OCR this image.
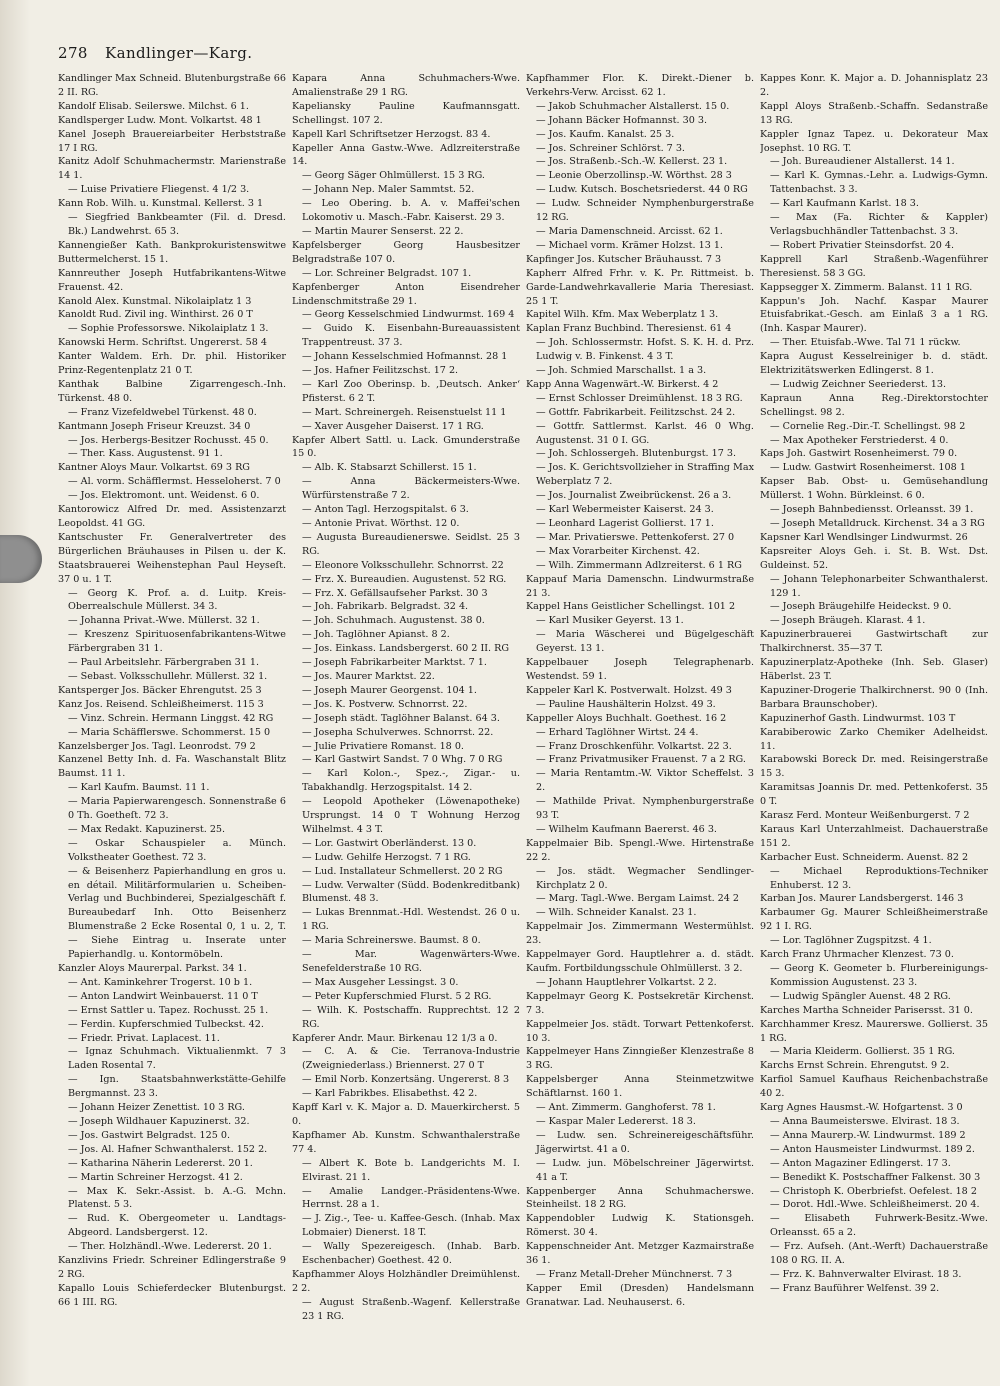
278 Kandlinger—Karg.

Kandlinger Max Schneid. Blutenburgstraße 66 2 II. RG.

Kandolf Elisab. Seilerswe. Milchst. 6 1.

Kandlsperger Ludw. Mont. Volkartst. 48 1

Kanel Joseph Brauereiarbeiter Herbststraße 17 I RG.

Kanitz Adolf Schuhmachermstr. Marienstraße 14 1.

— Luise Privatiere Fliegenst. 4 1/2 3.

Kann Rob. Wilh. u. Kunstmal. Kellerst. 3 1

— Siegfried Bankbeamter (Fil. d. Dresd. Bk.) Landwehrst. 65 3.

Kannengießer Kath. Bankprokuristenswitwe Buttermelcherst. 15 1.

Kannreuther Joseph Hutfabrikantens-Witwe Frauenst. 42.

Kanold Alex. Kunstmal. Nikolaiplatz 1 3

Kanoldt Rud. Zivil ing. Winthirst. 26 0 T

— Sophie Professorswe. Nikolaiplatz 1 3.

Kanowski Herm. Schriftst. Ungererst. 58 4

Kanter Waldem. Erh. Dr. phil. Historiker Prinz-Regentenplatz 21 0 T.

Kanthak Balbine Zigarrengesch.-Inh. Türkenst. 48 0.

— Franz Vizefeldwebel Türkenst. 48 0.

Kantmann Joseph Friseur Kreuzst. 34 0

— Jos. Herbergs-Besitzer Rochusst. 45 0.

— Ther. Kass. Augustenst. 91 1.

Kantner Aloys Maur. Volkartst. 69 3 RG

— Al. vorm. Schäfflermst. Hesseloherst. 7 0

— Jos. Elektromont. unt. Weidenst. 6 0.

Kantorowicz Alfred Dr. med. Assistenzarzt Leopoldst. 41 GG.

Kantschuster Fr. Generalvertreter des Bürgerlichen Bräuhauses in Pilsen u. der K. Staatsbrauerei Weihenstephan Paul Heyseſt. 37 0 u. 1 T.

— Georg K. Prof. a. d. Luitp. Kreis-Oberrealschule Müllerst. 34 3.

— Johanna Privat.-Wwe. Müllerst. 32 1.

— Kreszenz Spirituosenfabrikantens-Witwe Färbergraben 31 1.

— Paul Arbeitslehr. Färbergraben 31 1.

— Sebast. Volksschullehr. Müllerst. 32 1.

Kantsperger Jos. Bäcker Ehrengutst. 25 3

Kanz Jos. Reisend. Schleißheimerst. 115 3

— Vinz. Schrein. Hermann Linggst. 42 RG

— Maria Schäfflerswe. Schommerst. 15 0

Kanzelsberger Jos. Tagl. Leonrodst. 79 2

Kanzenel Betty Inh. d. Fa. Waschanstalt Blitz Baumst. 11 1.

— Karl Kaufm. Baumst. 11 1.

— Maria Papierwarengesch. Sonnenstraße 6 0 Th. Goetheſt. 72 3.

— Max Redakt. Kapuzinerst. 25.

— Oskar Schauspieler a. Münch. Volkstheater Goethest. 72 3.

— & Beisenherz Papierhandlung en gros u. en détail. Militärformularien u. Scheiben-Verlag und Buchbinderei, Spezialgeschäft f. Bureaubedarf Inh. Otto Beisenherz Blumenstraße 2 Ecke Rosental 0, 1 u. 2, T. — Siehe Eintrag u. Inserate unter Papierhandlg. u. Kontormöbeln.

Kanzler Aloys Maurerpal. Parkst. 34 1.

— Ant. Kaminkehrer Trogerst. 10 b 1.

— Anton Landwirt Weinbauerst. 11 0 T

— Ernst Sattler u. Tapez. Rochusst. 25 1.

— Ferdin. Kupferschmied Tulbeckst. 42.

— Friedr. Privat. Laplacest. 11.

— Ignaz Schuhmach. Viktualienmkt. 7 3 Laden Rosental 7.

— Ign. Staatsbahnwerkstätte-Gehilfe Bergmannst. 23 3.

— Johann Heizer Zenettist. 10 3 RG.

— Joseph Wildhauer Kapuzinerst. 32.

— Jos. Gastwirt Belgradst. 125 0.

— Jos. Al. Hafner Schwanthalerst. 152 2.

— Katharina Näherin Ledererst. 20 1.

— Martin Schreiner Herzogst. 41 2.

— Max K. Sekr.-Assist. b. A.-G. Mchn. Platenst. 5 3.

— Rud. K. Obergeometer u. Landtags-Abgeord. Landsbergerst. 12.

— Ther. Holzhändl.-Wwe. Ledererst. 20 1.

Kanzlivins Friedr. Schreiner Edlingerstraße 9 2 RG.

Kapallo Louis Schieferdecker Blutenburgst. 66 1 III. RG.

Kapara Anna Schuhmachers-Wwe. Amalienstraße 29 1 RG.

Kapeliansky Pauline Kaufmannsgatt. Schellingst. 107 2.

Kapell Karl Schriftsetzer Herzogst. 83 4.

Kapeller Anna Gastw.-Wwe. Adlzreiterstraße 14.

— Georg Säger Ohlmüllerst. 15 3 RG.

— Johann Nep. Maler Sammtst. 52.

— Leo Obering. b. A. v. Maffei'schen Lokomotiv u. Masch.-Fabr. Kaiserst. 29 3.

— Martin Maurer Senserst. 22 2.

Kapfelsberger Georg Hausbesitzer Belgradstraße 107 0.

— Lor. Schreiner Belgradst. 107 1.

Kapfenberger Anton Eisendreher Lindenschmitstraße 29 1.

— Georg Kesselschmied Lindwurmst. 169 4

— Guido K. Eisenbahn-Bureauassistent Trappentreust. 37 3.

— Johann Kesselschmied Hofmannst. 28 1

— Jos. Hafner Feilitzschst. 17 2.

— Karl Zoo Oberinsp. b. ‚Deutsch. Anker‘ Pfisterst. 6 2 T.

— Mart. Schreinergeh. Reisenstuelst 11 1

— Xaver Ausgeher Daiserst. 17 1 RG.

Kapfer Albert Sattl. u. Lack. Gmunderstraße 15 0.

— Alb. K. Stabsarzt Schillerst. 15 1.

— Anna Bäckermeisters-Wwe. Würfürstenstraße 7 2.

— Anton Tagl. Herzogspitalst. 6 3.

— Antonie Privat. Wörthst. 12 0.

— Augusta Bureaudienerswe. Seidlst. 25 3 RG.

— Eleonore Volksschullehr. Schnorrst. 22

— Frz. X. Bureaudien. Augustenst. 52 RG.

— Frz. X. Gefällsaufseher Parkst. 30 3

— Joh. Fabrikarb. Belgradst. 32 4.

— Joh. Schuhmach. Augustenst. 38 0.

— Joh. Taglöhner Apianst. 8 2.

— Jos. Einkass. Landsbergerst. 60 2 II. RG

— Joseph Fabrikarbeiter Marktst. 7 1.

— Jos. Maurer Marktst. 22.

— Joseph Maurer Georgenst. 104 1.

— Jos. K. Postverw. Schnorrst. 22.

— Joseph städt. Taglöhner Balanst. 64 3.

— Josepha Schulverwes. Schnorrst. 22.

— Julie Privatiere Romanst. 18 0.

— Karl Gastwirt Sandst. 7 0 Whg. 7 0 RG

— Karl Kolon.-, Spez.-, Zigar.- u. Tabakhandlg. Herzogspitalst. 14 2.

— Leopold Apotheker (Löwenapotheke) Ursprungst. 14 0 T Wohnung Herzog Wilhelmst. 4 3 T.

— Lor. Gastwirt Oberländerst. 13 0.

— Ludw. Gehilfe Herzogst. 7 1 RG.

— Lud. Installateur Schmellerst. 20 2 RG

— Ludw. Verwalter (Südd. Bodenkreditbank) Blumenst. 48 3.

— Lukas Brennmat.-Hdl. Westendst. 26 0 u. 1 RG.

— Maria Schreinerswe. Baumst. 8 0.

— Mar. Wagenwärters-Wwe. Senefelderstraße 10 RG.

— Max Ausgeher Lessingst. 3 0.

— Peter Kupferschmied Flurst. 5 2 RG.

— Wilh. K. Postschaffn. Rupprechtst. 12 2 RG.

Kapferer Andr. Maur. Birkenau 12 1/3 a 0.

— C. A. & Cie. Terranova-Industrie (Zweigniederlass.) Briennerst. 27 0 T

— Emil Norb. Konzertsäng. Ungererst. 8 3

— Karl Fabrikbes. Elisabethst. 42 2.

Kapff Karl v. K. Major a. D. Mauerkircherst. 5 0.

Kapfhamer Ab. Kunstm. Schwanthalerstraße 77 4.

— Albert K. Bote b. Landgerichts M. I. Elvirast. 21 1.

— Amalie Landger.-Präsidentens-Wwe. Herrnst. 28 a 1.

— J. Zig.-, Tee- u. Kaffee-Gesch. (Inhab. Max Lobmaier) Dienerst. 18 T.

— Wally Spezereigesch. (Inhab. Barb. Eschenbacher) Goethest. 42 0.

Kapfhammer Aloys Holzhändler Dreimühlenst. 2 2.

— August Straßenb.-Wagenf. Kellerstraße 23 1 RG.

Kapfhammer Flor. K. Direkt.-Diener b. Verkehrs-Verw. Arcisst. 62 1.

— Jakob Schuhmacher Alstallerst. 15 0.

— Johann Bäcker Hofmannst. 30 3.

— Jos. Kaufm. Kanalst. 25 3.

— Jos. Schreiner Schlörst. 7 3.

— Jos. Straßenb.-Sch.-W. Kellerst. 23 1.

— Leonie Oberzollinsp.-W. Wörthst. 28 3

— Ludw. Kutsch. Boschetsriederst. 44 0 RG

— Ludw. Schneider Nymphenburgerstraße 12 RG.

— Maria Damenschneid. Arcisst. 62 1.

— Michael vorm. Krämer Holzst. 13 1.

Kapfinger Jos. Kutscher Bräuhausst. 7 3

Kapherr Alfred Frhr. v. K. Pr. Rittmeist. b. Garde-Landwehrkavallerie Maria Theresiast. 25 1 T.

Kapitel Wilh. Kfm. Max Weberplatz 1 3.

Kaplan Franz Buchbind. Theresienst. 61 4

— Joh. Schlossermstr. Hofst. S. K. H. d. Prz. Ludwig v. B. Finkenst. 4 3 T.

— Joh. Schmied Marschallst. 1 a 3.

Kapp Anna Wagenwärt.-W. Birkerst. 4 2

— Ernst Schlosser Dreimühlenst. 18 3 RG.

— Gottfr. Fabrikarbeit. Feilitzschst. 24 2.

— Gottfr. Sattlermst. Karlst. 46 0 Whg. Augustenst. 31 0 I. GG.

— Joh. Schlossergeh. Blutenburgst. 17 3.

— Jos. K. Gerichtsvollzieher in Straffing Max Weberplatz 7 2.

— Jos. Journalist Zweibrückenst. 26 a 3.

— Karl Webermeister Kaiserst. 24 3.

— Leonhard Lagerist Gollierst. 17 1.

— Mar. Privatierswe. Pettenkoferst. 27 0

— Max Vorarbeiter Kirchenst. 42.

— Wilh. Zimmermann Adlzreiterst. 6 1 RG

Kappauf Maria Damenschn. Lindwurmstraße 21 3.

Kappel Hans Geistlicher Schellingst. 101 2

— Karl Musiker Geyerst. 13 1.

— Maria Wäscherei und Bügelgeschäft Geyerst. 13 1.

Kappelbauer Joseph Telegraphenarb. Westendst. 59 1.

Kappeler Karl K. Postverwalt. Holzst. 49 3

— Pauline Haushälterin Holzst. 49 3.

Kappeller Aloys Buchhalt. Goethest. 16 2

— Erhard Taglöhner Wirtst. 24 4.

— Franz Droschkenführ. Volkartst. 22 3.

— Franz Privatmusiker Frauenst. 7 a 2 RG.

— Maria Rentamtm.-W. Viktor Scheffelst. 3 2.

— Mathilde Privat. Nymphenburgerstraße 93 T.

— Wilhelm Kaufmann Baererst. 46 3.

Kappelmaier Bib. Spengl.-Wwe. Hirtenstraße 22 2.

— Jos. städt. Wegmacher Sendlinger-Kirchplatz 2 0.

— Marg. Tagl.-Wwe. Bergam Laimst. 24 2

— Wilh. Schneider Kanalst. 23 1.

Kappelmair Jos. Zimmermann Westermühlst. 23.

Kappelmayer Gord. Hauptlehrer a. d. städt. Kaufm. Fortbildungsschule Ohlmüllerst. 3 2.

— Johann Hauptlehrer Volkartst. 2 2.

Kappelmayr Georg K. Postsekretär Kirchenst. 7 3.

Kappelmeier Jos. städt. Torwart Pettenkoferst. 10 3.

Kappelmeyer Hans Zinngießer Klenzestraße 8 3 RG.

Kappelsberger Anna Steinmetzwitwe Schäftlarnst. 160 1.

— Ant. Zimmerm. Ganghoferst. 78 1.

— Kaspar Maler Ledererst. 18 3.

— Ludw. sen. Schreinereigeschäftsführ. Jägerwirtst. 41 a 0.

— Ludw. jun. Möbelschreiner Jägerwirtst. 41 a T.

Kappenberger Anna Schuhmacherswe. Steinheilst. 18 2 RG.

Kappendobler Ludwig K. Stationsgeh. Römerst. 30 4.

Kappenschneider Ant. Metzger Kazmairstraße 36 1.

— Franz Metall-Dreher Münchnerst. 7 3

Kapper Emil (Dresden) Handelsmann Granatwar. Lad. Neuhauserst. 6.

Kappes Konr. K. Major a. D. Johannisplatz 23 2.

Kappl Aloys Straßenb.-Schaffn. Sedanstraße 13 RG.

Kappler Ignaz Tapez. u. Dekorateur Max Josephst. 10 RG. T.

— Joh. Bureaudiener Alstallerst. 14 1.

— Karl K. Gymnas.-Lehr. a. Ludwigs-Gymn. Tattenbachst. 3 3.

— Karl Kaufmann Karlst. 18 3.

— Max (Fa. Richter & Kappler) Verlagsbuchhändler Tattenbachst. 3 3.

— Robert Privatier Steinsdorfst. 20 4.

Kapprell Karl Straßenb.-Wagenführer Theresienst. 58 3 GG.

Kappsegger X. Zimmerm. Balanst. 11 1 RG.

Kappun's Joh. Nachf. Kaspar Maurer Etuisfabrikat.-Gesch. am Einlaß 3 a 1 RG. (Inh. Kaspar Maurer).

— Ther. Etuisfab.-Wwe. Tal 71 1 rückw.

Kapra August Kesselreiniger b. d. städt. Elektrizitätswerken Edlingerst. 8 1.

— Ludwig Zeichner Seeriederst. 13.

Kapraun Anna Reg.-Direktorstochter Schellingst. 98 2.

— Cornelie Reg.-Dir.-T. Schellingst. 98 2

— Max Apotheker Ferstriederst. 4 0.

Kaps Joh. Gastwirt Rosenheimerst. 79 0.

— Ludw. Gastwirt Rosenheimerst. 108 1

Kapser Bab. Obst- u. Gemüsehandlung Müllerst. 1 Wohn. Bürkleinst. 6 0.

— Joseph Bahnbediensst. Orleansst. 39 1.

— Joseph Metalldruck. Kirchenst. 34 a 3 RG

Kapsner Karl Wendlsinger Lindwurmst. 26

Kapsreiter Aloys Geh. i. St. B. Wst. Dst. Guldeinst. 52.

— Johann Telephonarbeiter Schwanthalerst. 129 1.

— Joseph Bräugehilfe Heideckst. 9 0.

— Joseph Bräugeh. Klarast. 4 1.

Kapuzinerbrauerei Gastwirtschaft zur Thalkirchnerst. 35—37 T.

Kapuzinerplatz-Apotheke (Inh. Seb. Glaser) Häberlst. 23 T.

Kapuziner-Drogerie Thalkirchnerst. 90 0 (Inh. Barbara Braunschober).

Kapuzinerhof Gasth. Lindwurmst. 103 T

Karabiberowic Zarko Chemiker Adelheidst. 11.

Karabowski Boreck Dr. med. Reisingerstraße 15 3.

Karamitsas Joannis Dr. med. Pettenkoferst. 35 0 T.

Karasz Ferd. Monteur Weißenburgerst. 7 2

Karaus Karl Unterzahlmeist. Dachauerstraße 151 2.

Karbacher Eust. Schneiderm. Auenst. 82 2

— Michael Reproduktions-Techniker Enhuberst. 12 3.

Karban Jos. Maurer Landsbergerst. 146 3

Karbaumer Gg. Maurer Schleißheimerstraße 92 1 I. RG.

— Lor. Taglöhner Zugspitzst. 4 1.

Karch Franz Uhrmacher Klenzest. 73 0.

— Georg K. Geometer b. Flurbereinigungs-Kommission Augustenst. 23 3.

— Ludwig Spängler Auenst. 48 2 RG.

Karches Martha Schneider Parisersst. 31 0.

Karchhammer Kresz. Maurerswe. Gollierst. 35 1 RG.

— Maria Kleiderm. Gollierst. 35 1 RG.

Karchs Ernst Schrein. Ehrengutst. 9 2.

Karfiol Samuel Kaufhaus Reichenbachstraße 40 2.

Karg Agnes Hausmst.-W. Hofgartenst. 3 0

— Anna Baumeisterswe. Elvirast. 18 3.

— Anna Maurerp.-W. Lindwurmst. 189 2

— Anton Hausmeister Lindwurmst. 189 2.

— Anton Magaziner Edlingerst. 17 3.

— Benedikt K. Postschaffner Falkenst. 30 3

— Christoph K. Oberbriefst. Oefelest. 18 2

— Dorot. Hdl.-Wwe. Schleißheimerst. 20 4.

— Elisabeth Fuhrwerk-Besitz.-Wwe. Orleansst. 65 a 2.

— Frz. Aufseh. (Ant.-Werft) Dachauerstraße 108 0 RG. II. A.

— Frz. K. Bahnverwalter Elvirast. 18 3.

— Franz Bauführer Welfenst. 39 2.
